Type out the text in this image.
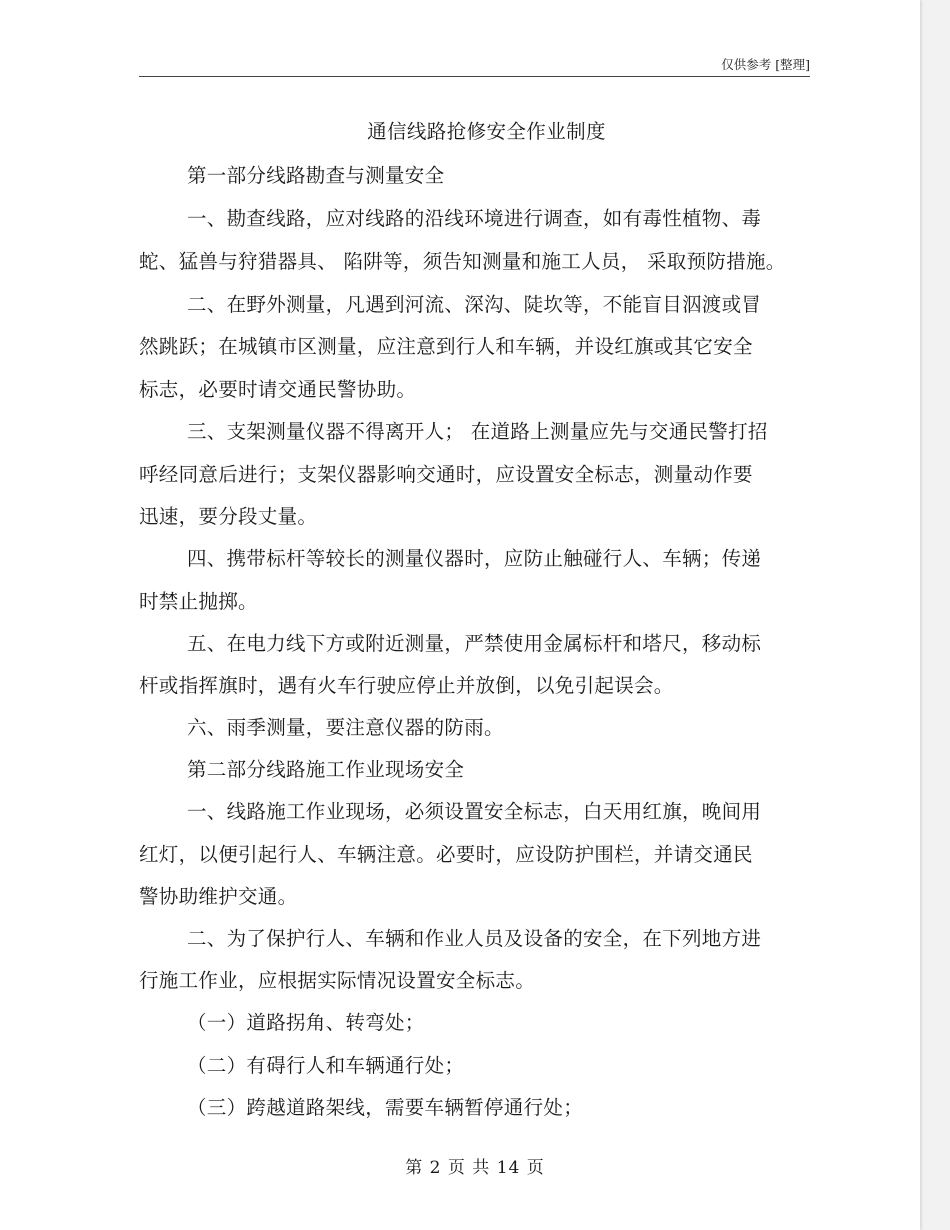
仅供参考 [整理]
通信线路抢修安全作业制度
第一部分线路勘查与测量安全
一、勘查线路，应对线路的沿线环境进行调查，如有毒性植物、毒
蛇、猛兽与狩猎器具、 陷阱等，须告知测量和施工人员， 采取预防措施。
二、在野外测量，凡遇到河流、深沟、陡坎等，不能盲目泅渡或冒
然跳跃；在城镇市区测量，应注意到行人和车辆，并设红旗或其它安全
标志，必要时请交通民警协助。
三、支架测量仪器不得离开人； 在道路上测量应先与交通民警打招
呼经同意后进行；支架仪器影响交通时，应设置安全标志，测量动作要
迅速，要分段丈量。
四、携带标杆等较长的测量仪器时，应防止触碰行人、车辆；传递
时禁止抛掷。
五、在电力线下方或附近测量，严禁使用金属标杆和塔尺，移动标
杆或指挥旗时，遇有火车行驶应停止并放倒，以免引起误会。
六、雨季测量，要注意仪器的防雨。
第二部分线路施工作业现场安全
一、线路施工作业现场，必须设置安全标志，白天用红旗，晚间用
红灯，以便引起行人、车辆注意。必要时，应设防护围栏，并请交通民
警协助维护交通。
二、为了保护行人、车辆和作业人员及设备的安全，在下列地方进
行施工作业，应根据实际情况设置安全标志。
（一）道路拐角、转弯处；
（二）有碍行人和车辆通行处；
（三）跨越道路架线，需要车辆暂停通行处；
第 2 页 共 14 页
